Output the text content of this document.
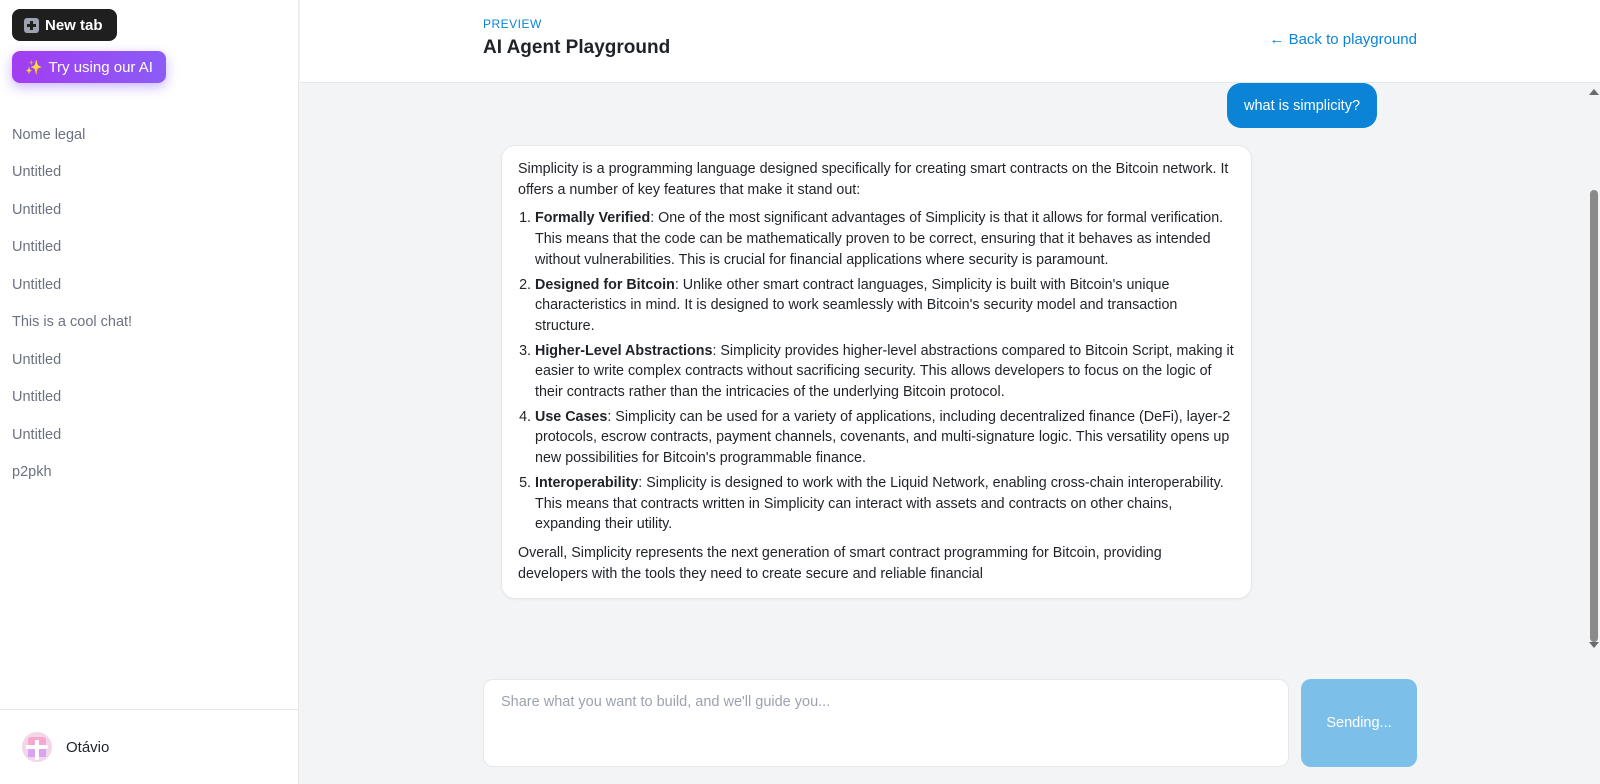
New tab
✨ Try using our AI
Nome legal
Untitled
Untitled
Untitled
Untitled
This is a cool chat!
Untitled
Untitled
Untitled
p2pkh
Otávio
PREVIEW
AI Agent Playground	← Back to playground
what is simplicity?

Simplicity is a programming language designed specifically for creating smart contracts on the Bitcoin network. It offers a number of key features that make it stand out:

1. Formally Verified: One of the most significant advantages of Simplicity is that it allows for formal verification. This means that the code can be mathematically proven to be correct, ensuring that it behaves as intended without vulnerabilities. This is crucial for financial applications where security is paramount.
2. Designed for Bitcoin: Unlike other smart contract languages, Simplicity is built with Bitcoin's unique characteristics in mind. It is designed to work seamlessly with Bitcoin's security model and transaction structure.
3. Higher-Level Abstractions: Simplicity provides higher-level abstractions compared to Bitcoin Script, making it easier to write complex contracts without sacrificing security. This allows developers to focus on the logic of their contracts rather than the intricacies of the underlying Bitcoin protocol.
4. Use Cases: Simplicity can be used for a variety of applications, including decentralized finance (DeFi), layer-2 protocols, escrow contracts, payment channels, covenants, and multi-signature logic. This versatility opens up new possibilities for Bitcoin's programmable finance.
5. Interoperability: Simplicity is designed to work with the Liquid Network, enabling cross-chain interoperability. This means that contracts written in Simplicity can interact with assets and contracts on other chains, expanding their utility.

Overall, Simplicity represents the next generation of smart contract programming for Bitcoin, providing developers with the tools they need to create secure and reliable financial

Share what you want to build, and we'll guide you...
Sending...
